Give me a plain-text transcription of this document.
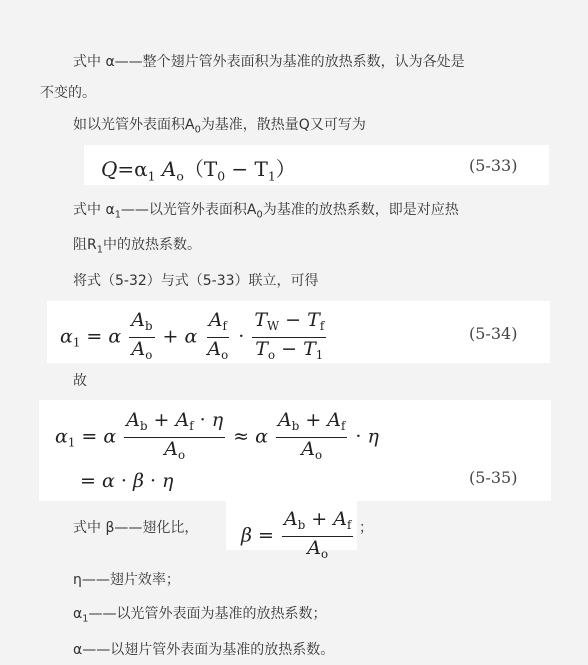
式中 α——整个翅片管外表面积为基准的放热系数，认为各处是
不变的。
如以光管外表面积$A_0$为基准，散热量Q又可写为
$Q=\alpha_1$ $A_o(T_0 - T_1)$	(5-33)
式中 $\alpha_1——$以光管外表面积$A_0$为基准的放热系数，即是对应热
阻$R_1$中的放热系数。
将式（5-32）与式（5-33）联立，可得
$\alpha_1 = \alpha \frac{A_b}{A_o} + \alpha \frac{A_f}{A_o} \cdot \frac{T_W - T_f}{T_o - T_1}$	(5-34)
故
$\alpha_1 = \alpha \frac{A_b + A_f \cdot \eta}{A_o} \approx \alpha \frac{A_b + A_f}{A_o} \cdot \eta$
= α · β · η	(5-35)
式中 β——翅化比， $\beta = \frac{A_b + A_f}{A_o}$ ；
η——翅片效率；
$\alpha_1——$以光管外表面为基准的放热系数；
α——以翅片管外表面为基准的放热系数。
